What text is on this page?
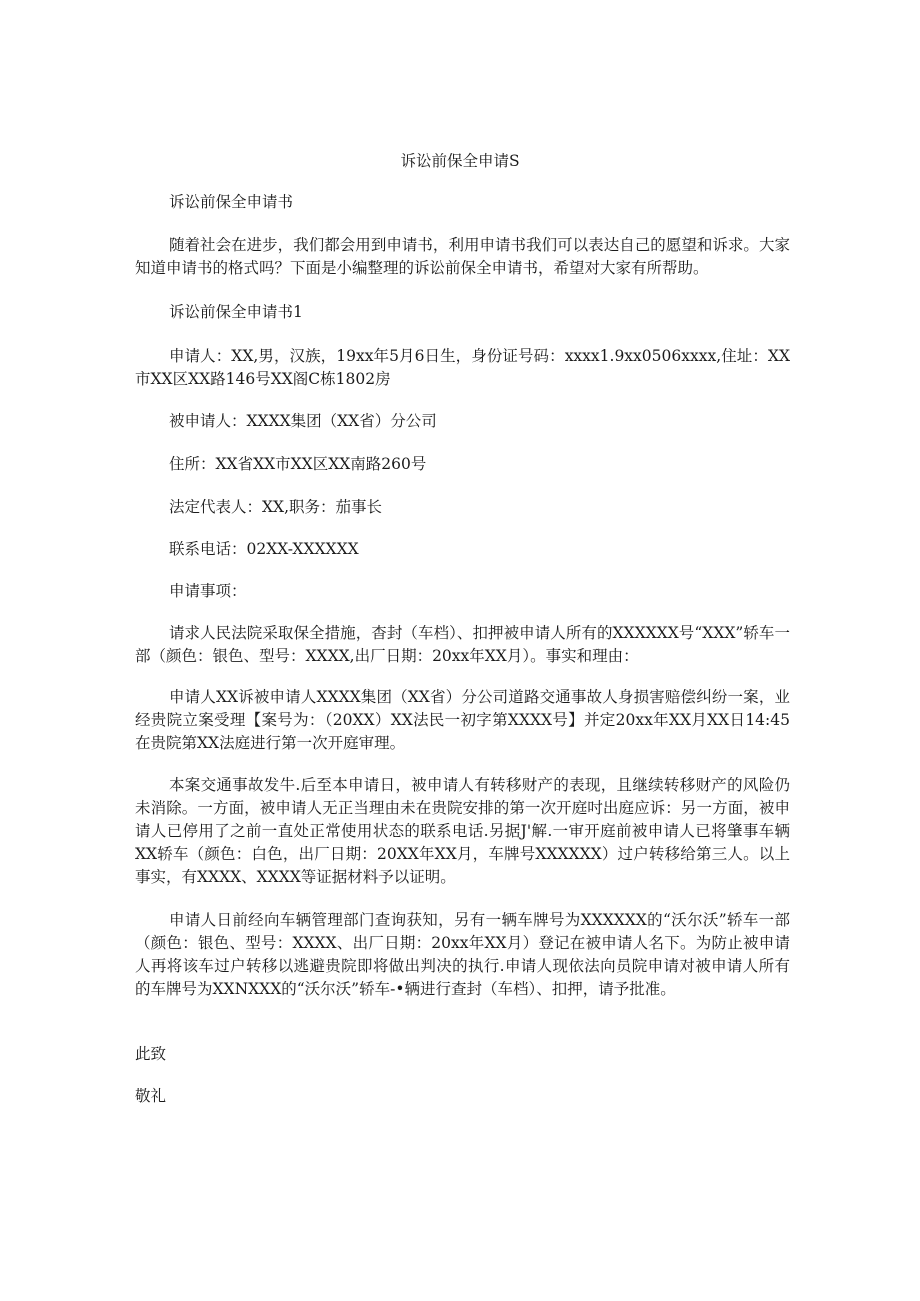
诉讼前保全申请S

诉讼前保全申请书

随着社会在进步，我们都会用到申请书，利用申请书我们可以表达自己的愿望和诉求。大家知道申请书的格式吗？下面是小编整理的诉讼前保全申请书，希望对大家有所帮助。

诉讼前保全申请书1

申请人：XX,男，汉族，19xx年5月6日生，身份证号码：xxxx1.9xx0506xxxx,住址：XX市XX区XX路146号XX阁C栋1802房

被申请人：XXXX集团（XX省）分公司

住所：XX省XX市XX区XX南路260号

法定代表人：XX,职务：茄事长

联系电话：02XX-XXXXXX

申请事项：

请求人民法院采取保全措施，杳封（车档）、扣押被申请人所有的XXXXXX号“XXX”轿车一部（颜色：银色、型号：XXXX,出厂日期：20xx年XX月）。事实和理由：

申请人XX诉被申请人XXXX集团（XX省）分公司道路交通事故人身损害赔偿纠纷一案，业经贵院立案受理【案号为：（20XX）XX法民一初字第XXXX号】并定20xx年XX月XX日14:45在贵院第XX法庭进行第一次开庭审理。

本案交通事故发牛.后至本申请日，被申请人有转移财产的表现，且继续转移财产的风险仍未消除。一方面，被申请人无正当理由未在贵院安排的第一次开庭吋出庭应诉：另一方面，被申请人已停用了之前一直处正常使用状态的联系电话.另据J'解.一审开庭前被申请人已将肇事车辆XX轿车（颜色：白色，出厂日期：20XX年XX月，车牌号XXXXXX）过户转移给第三人。以上事实，有XXXX、XXXX等证据材料予以证明。

申请人日前经向车辆管理部门查询获知，另有一辆车牌号为XXXXXX的“沃尔沃”轿车一部（颜色：银色、型号：XXXX、出厂日期：20xx年XX月）登记在被申请人名下。为防止被申请人再将该车过户转移以逃避贵院即将做出判决的执行.申请人现依法向员院申请对被申请人所有的车牌号为XXNXXX的“沃尔沃”轿车-•辆进行查封（车档）、扣押，请予批准。

此致

敬礼
